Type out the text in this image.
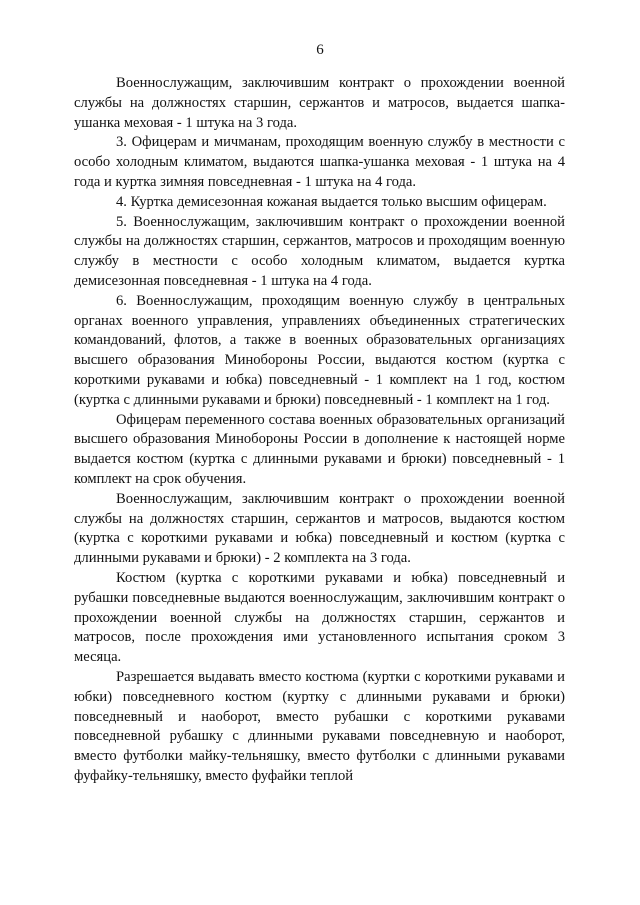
6

Военнослужащим, заключившим контракт о прохождении военной службы на должностях старшин, сержантов и матросов, выдается шапка-ушанка меховая - 1 штука на 3 года.

3. Офицерам и мичманам, проходящим военную службу в местности с особо холодным климатом, выдаются шапка-ушанка меховая - 1 штука на 4 года и куртка зимняя повседневная - 1 штука на 4 года.

4. Куртка демисезонная кожаная выдается только высшим офицерам.

5. Военнослужащим, заключившим контракт о прохождении военной службы на должностях старшин, сержантов, матросов и проходящим военную службу в местности с особо холодным климатом, выдается куртка демисезонная повседневная - 1 штука на 4 года.

6. Военнослужащим, проходящим военную службу в центральных органах военного управления, управлениях объединенных стратегических командований, флотов, а также в военных образовательных организациях высшего образования Минобороны России, выдаются костюм (куртка с короткими рукавами и юбка) повседневный - 1 комплект на 1 год, костюм (куртка с длинными рукавами и брюки) повседневный - 1 комплект на 1 год.

Офицерам переменного состава военных образовательных организаций высшего образования Минобороны России в дополнение к настоящей норме выдается костюм (куртка с длинными рукавами и брюки) повседневный - 1 комплект на срок обучения.

Военнослужащим, заключившим контракт о прохождении военной службы на должностях старшин, сержантов и матросов, выдаются костюм (куртка с короткими рукавами и юбка) повседневный и костюм (куртка с длинными рукавами и брюки) - 2 комплекта на 3 года.

Костюм (куртка с короткими рукавами и юбка) повседневный и рубашки повседневные выдаются военнослужащим, заключившим контракт о прохождении военной службы на должностях старшин, сержантов и матросов, после прохождения ими установленного испытания сроком 3 месяца.

Разрешается выдавать вместо костюма (куртки с короткими рукавами и юбки) повседневного костюм (куртку с длинными рукавами и брюки) повседневный и наоборот, вместо рубашки с короткими рукавами повседневной рубашку с длинными рукавами повседневную и наоборот, вместо футболки майку-тельняшку, вместо футболки с длинными рукавами фуфайку-тельняшку, вместо фуфайки теплой
